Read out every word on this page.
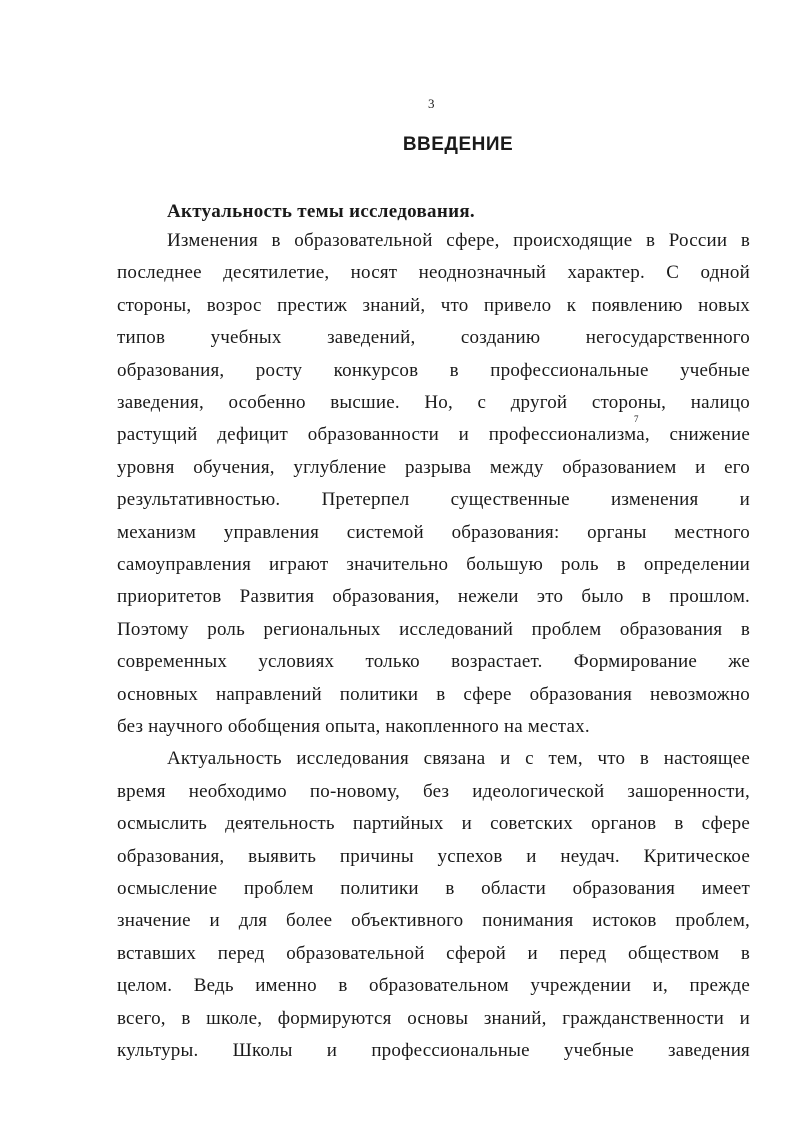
3
ВВЕДЕНИЕ
Актуальность темы исследования.
7
Изменения в образовательной сфере, происходящие в России в
последнее десятилетие, носят неоднозначный характер. С одной
стороны, возрос престиж знаний, что привело к появлению новых
типов учебных заведений, созданию негосударственного
образования, росту конкурсов в профессиональные учебные
заведения, особенно высшие. Но, с другой стороны, налицо
растущий дефицит образованности и профессионализма, снижение
уровня обучения, углубление разрыва между образованием и его
результативностью. Претерпел существенные изменения и
механизм управления системой образования: органы местного
самоуправления играют значительно большую роль в определении
приоритетов Развития образования, нежели это было в прошлом.
Поэтому роль региональных исследований проблем образования в
современных условиях только возрастает. Формирование же
основных направлений политики в сфере образования невозможно
без научного обобщения опыта, накопленного на местах.
Актуальность исследования связана и с тем, что в настоящее
время необходимо по-новому, без идеологической зашоренности,
осмыслить деятельность партийных и советских органов в сфере
образования, выявить причины успехов и неудач. Критическое
осмысление проблем политики в области образования имеет
значение и для более объективного понимания истоков проблем,
вставших перед образовательной сферой и перед обществом в
целом. Ведь именно в образовательном учреждении и, прежде
всего, в школе, формируются основы знаний, гражданственности и
культуры. Школы и профессиональные учебные заведения
